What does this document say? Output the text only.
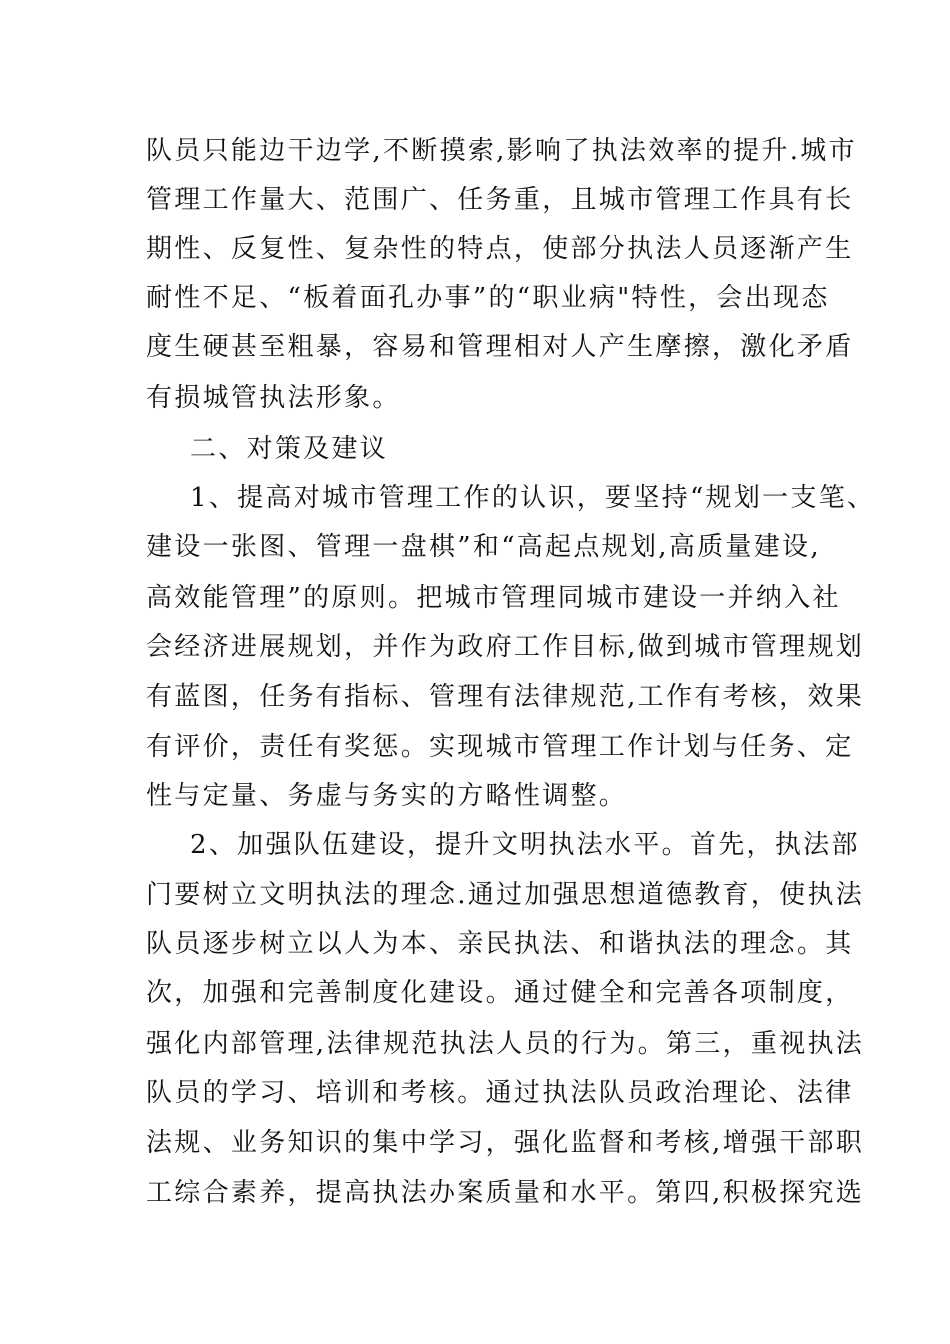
队员只能边干边学,不断摸索,影响了执法效率的提升.城市
管理工作量大、范围广、任务重，且城市管理工作具有长
期性、反复性、复杂性的特点，使部分执法人员逐渐产生
耐性不足、“板着面孔办事”的“职业病"特性，会出现态
度生硬甚至粗暴，容易和管理相对人产生摩擦，激化矛盾
有损城管执法形象。
二、对策及建议
1、提高对城市管理工作的认识，要坚持“规划一支笔、
建设一张图、管理一盘棋”和“高起点规划,高质量建设,
高效能管理”的原则。把城市管理同城市建设一并纳入社
会经济进展规划，并作为政府工作目标,做到城市管理规划
有蓝图，任务有指标、管理有法律规范,工作有考核，效果
有评价，责任有奖惩。实现城市管理工作计划与任务、定
性与定量、务虚与务实的方略性调整。
2、加强队伍建设，提升文明执法水平。首先，执法部
门要树立文明执法的理念.通过加强思想道德教育，使执法
队员逐步树立以人为本、亲民执法、和谐执法的理念。其
次，加强和完善制度化建设。通过健全和完善各项制度，
强化内部管理,法律规范执法人员的行为。第三，重视执法
队员的学习、培训和考核。通过执法队员政治理论、法律
法规、业务知识的集中学习，强化监督和考核,增强干部职
工综合素养，提高执法办案质量和水平。第四,积极探究选
